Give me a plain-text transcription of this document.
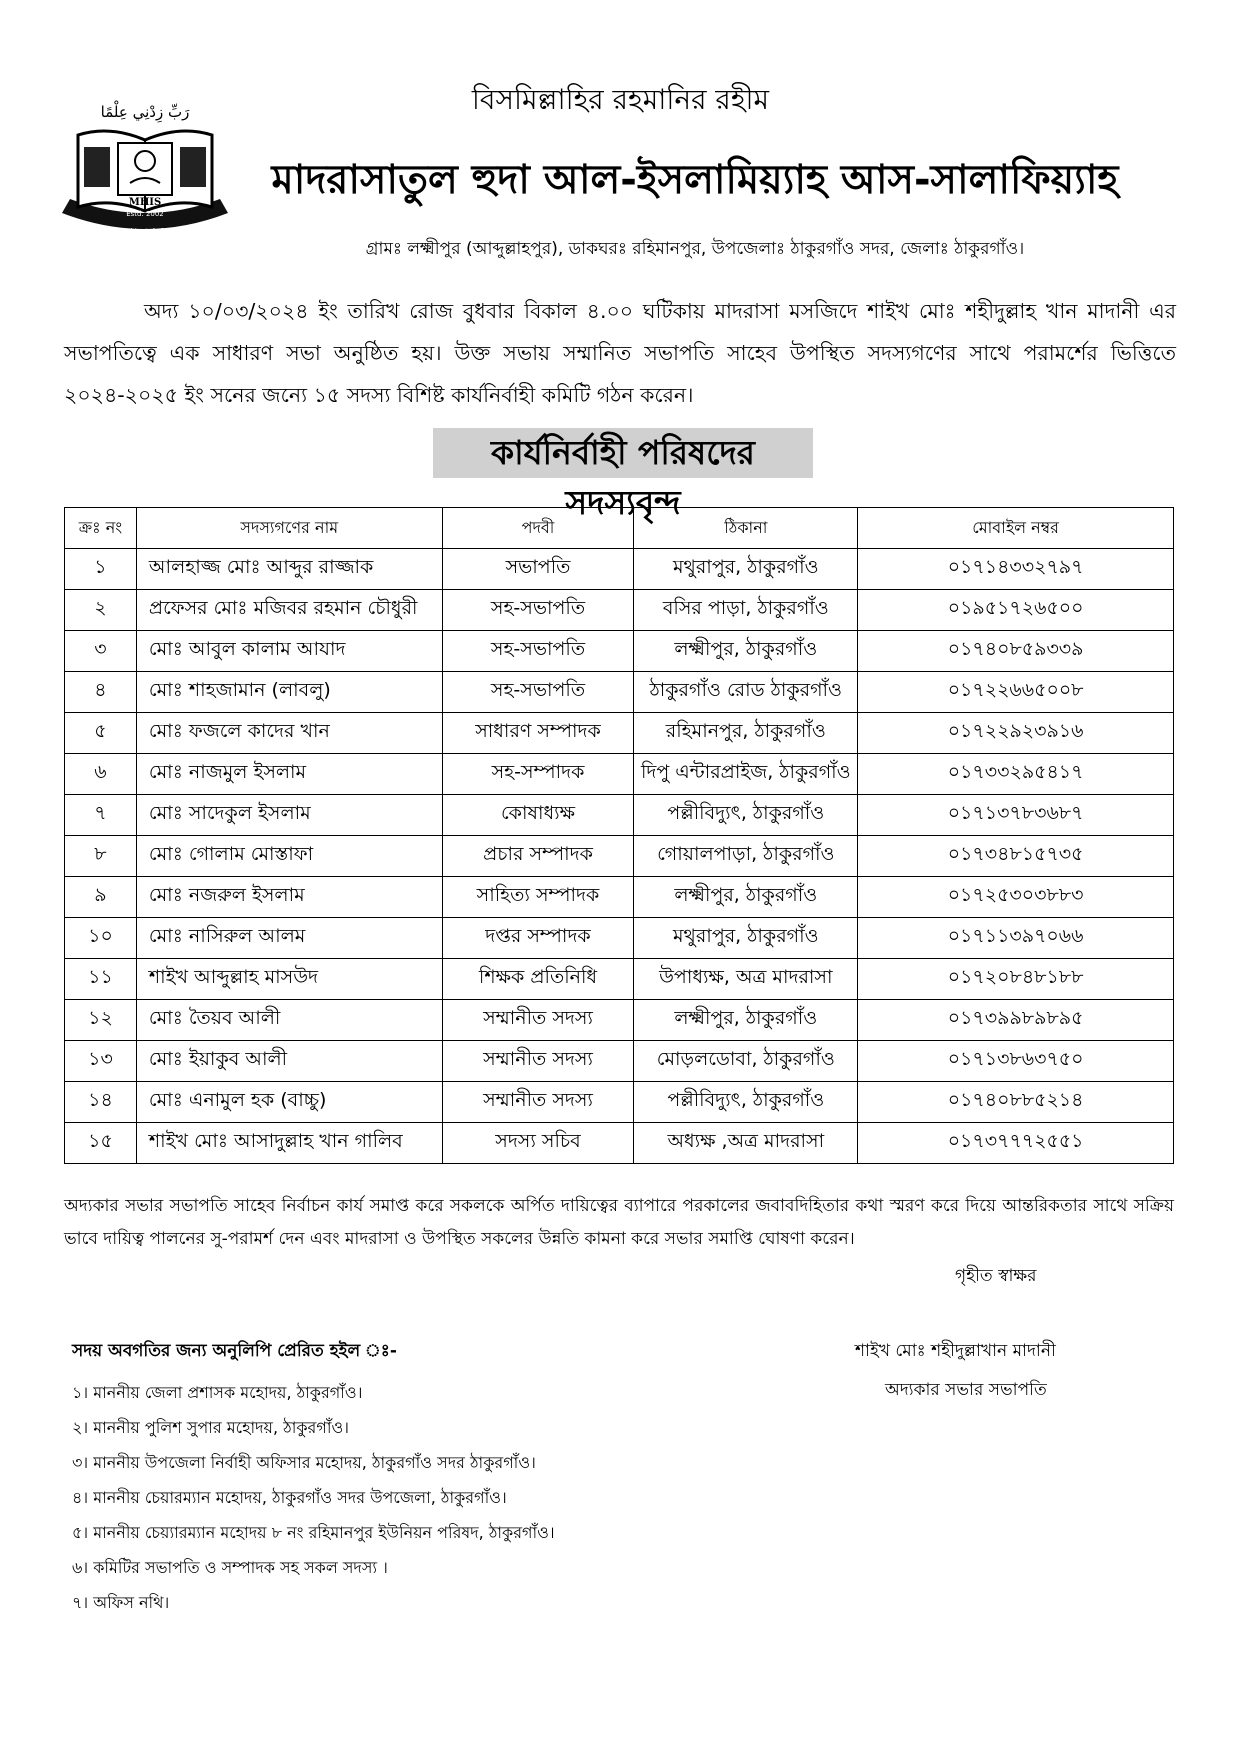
বিসমিল্লাহির রহমানির রহীম
رَبِّ زِدْنِي عِلْمًا
MHIS
Estd. 2002
Madrasatul Huda Al-Islamia As-Salafia, Thakurgaon
মাদরাসাতুল হুদা আল-ইসলামিয়্যাহ আস-সালাফিয়্যাহ
গ্রামঃ লক্ষ্মীপুর (আব্দুল্লাহপুর), ডাকঘরঃ রহিমানপুর, উপজেলাঃ ঠাকুরগাঁও সদর, জেলাঃ ঠাকুরগাঁও।
অদ্য ১০/০৩/২০২৪ ইং তারিখ রোজ বুধবার বিকাল ৪.০০ ঘটিকায় মাদরাসা মসজিদে শাইখ মোঃ শহীদুল্লাহ খান মাদানী এর সভাপতিত্বে এক সাধারণ সভা অনুষ্ঠিত হয়। উক্ত সভায় সম্মানিত সভাপতি সাহেব উপস্থিত সদস্যগণের সাথে পরামর্শের ভিত্তিতে ২০২৪-২০২৫ ইং সনের জন্যে ১৫ সদস্য বিশিষ্ট কার্যনির্বাহী কমিটি গঠন করেন।
কার্যনির্বাহী পরিষদের সদস্যবৃন্দ
ক্রঃ নং	সদস্যগণের নাম	পদবী	ঠিকানা	মোবাইল নম্বর
১	আলহাজ্জ মোঃ আব্দুর রাজ্জাক	সভাপতি	মথুরাপুর, ঠাকুরগাঁও	০১৭১৪৩৩২৭৯৭
২	প্রফেসর মোঃ মজিবর রহমান চৌধুরী	সহ-সভাপতি	বসির পাড়া, ঠাকুরগাঁও	০১৯৫১৭২৬৫০০
৩	মোঃ আবুল কালাম আযাদ	সহ-সভাপতি	লক্ষ্মীপুর, ঠাকুরগাঁও	০১৭৪০৮৫৯৩৩৯
৪	মোঃ শাহজামান (লাবলু)	সহ-সভাপতি	ঠাকুরগাঁও রোড ঠাকুরগাঁও	০১৭২২৬৬৫০০৮
৫	মোঃ ফজলে কাদের খান	সাধারণ সম্পাদক	রহিমানপুর, ঠাকুরগাঁও	০১৭২২৯২৩৯১৬
৬	মোঃ নাজমুল ইসলাম	সহ-সম্পাদক	দিপু এন্টারপ্রাইজ, ঠাকুরগাঁও	০১৭৩৩২৯৫৪১৭
৭	মোঃ সাদেকুল ইসলাম	কোষাধ্যক্ষ	পল্লীবিদ্যুৎ, ঠাকুরগাঁও	০১৭১৩৭৮৩৬৮৭
৮	মোঃ গোলাম মোস্তাফা	প্রচার সম্পাদক	গোয়ালপাড়া, ঠাকুরগাঁও	০১৭৩৪৮১৫৭৩৫
৯	মোঃ নজরুল ইসলাম	সাহিত্য সম্পাদক	লক্ষ্মীপুর, ঠাকুরগাঁও	০১৭২৫৩০৩৮৮৩
১০	মোঃ নাসিরুল আলম	দপ্তর সম্পাদক	মথুরাপুর, ঠাকুরগাঁও	০১৭১১৩৯৭০৬৬
১১	শাইখ আব্দুল্লাহ মাসউদ	শিক্ষক প্রতিনিধি	উপাধ্যক্ষ, অত্র মাদরাসা	০১৭২০৮৪৮১৮৮
১২	মোঃ তৈয়ব আলী	সম্মানীত সদস্য	লক্ষ্মীপুর, ঠাকুরগাঁও	০১৭৩৯৯৮৯৮৯৫
১৩	মোঃ ইয়াকুব আলী	সম্মানীত সদস্য	মোড়লডোবা, ঠাকুরগাঁও	০১৭১৩৮৬৩৭৫০
১৪	মোঃ এনামুল হক (বাচ্চু)	সম্মানীত সদস্য	পল্লীবিদ্যুৎ, ঠাকুরগাঁও	০১৭৪০৮৮৫২১৪
১৫	শাইখ মোঃ আসাদুল্লাহ খান গালিব	সদস্য সচিব	অধ্যক্ষ ,অত্র মাদরাসা	০১৭৩৭৭৭২৫৫১
অদ্যকার সভার সভাপতি সাহেব নির্বাচন কার্য সমাপ্ত করে সকলকে অর্পিত দায়িত্বের ব্যাপারে পরকালের জবাবদিহিতার কথা স্মরণ করে দিয়ে আন্তরিকতার সাথে সক্রিয় ভাবে দায়িত্ব পালনের সু-পরামর্শ দেন এবং মাদরাসা ও উপস্থিত সকলের উন্নতি কামনা করে সভার সমাপ্তি ঘোষণা করেন।
গৃহীত স্বাক্ষর
সদয় অবগতির জন্য অনুলিপি প্রেরিত হইল ঃ-
১। মাননীয় জেলা প্রশাসক মহোদয়, ঠাকুরগাঁও।
২। মাননীয় পুলিশ সুপার মহোদয়, ঠাকুরগাঁও।
৩। মাননীয় উপজেলা নির্বাহী অফিসার মহোদয়, ঠাকুরগাঁও সদর ঠাকুরগাঁও।
৪। মাননীয় চেয়ারম্যান মহোদয়, ঠাকুরগাঁও সদর উপজেলা, ঠাকুরগাঁও।
৫। মাননীয় চেয়্যারম্যান মহোদয় ৮ নং রহিমানপুর ইউনিয়ন পরিষদ, ঠাকুরগাঁও।
৬। কমিটির সভাপতি ও সম্পাদক সহ সকল সদস্য ।
৭। অফিস নথি।
শাইখ মোঃ শহীদুল্লাখান মাদানী
অদ্যকার সভার সভাপতি
